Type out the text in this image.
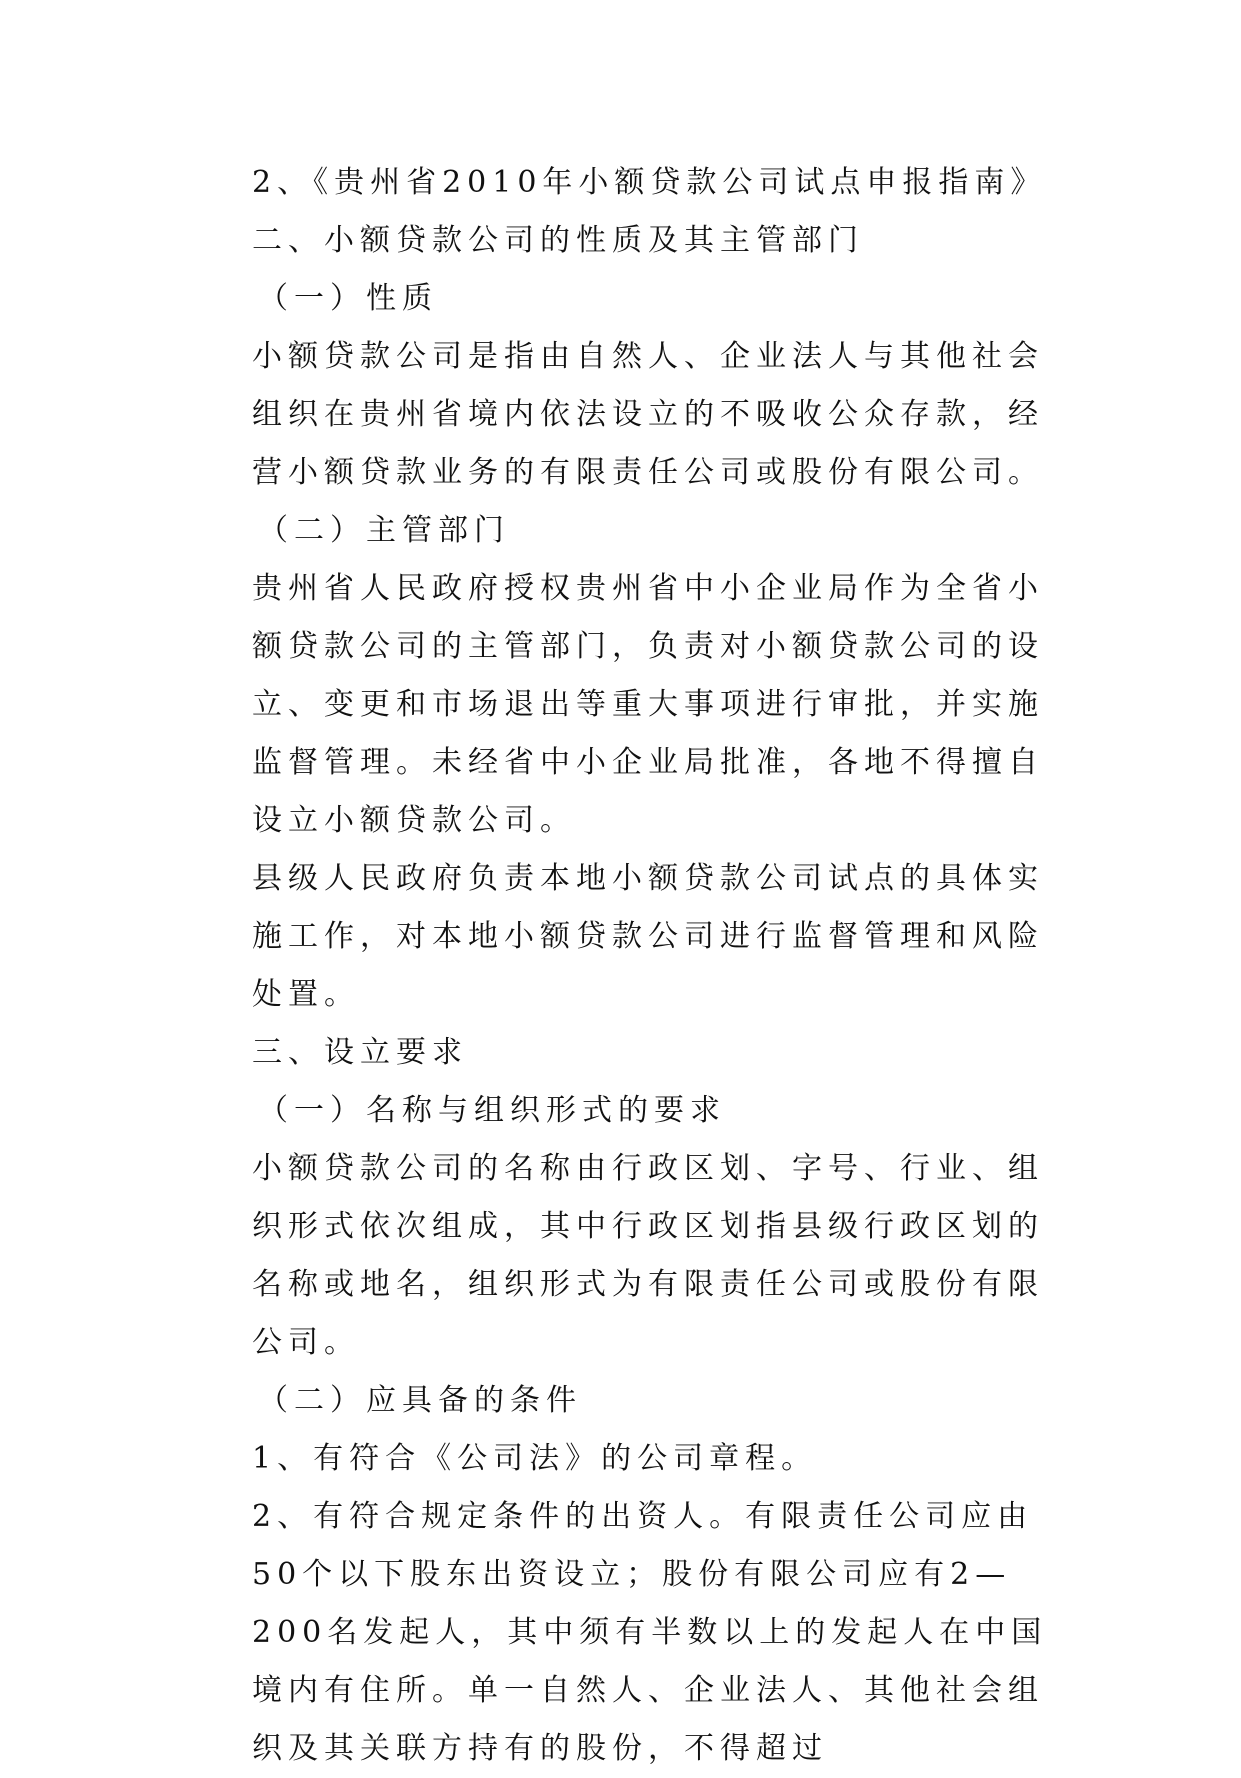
2、《贵州省2010年小额贷款公司试点申报指南》

二、小额贷款公司的性质及其主管部门

（一）性质

小额贷款公司是指由自然人、企业法人与其他社会组织在贵州省境内依法设立的不吸收公众存款，经营小额贷款业务的有限责任公司或股份有限公司。

（二）主管部门

贵州省人民政府授权贵州省中小企业局作为全省小额贷款公司的主管部门，负责对小额贷款公司的设立、变更和市场退出等重大事项进行审批，并实施监督管理。未经省中小企业局批准，各地不得擅自设立小额贷款公司。

县级人民政府负责本地小额贷款公司试点的具体实施工作，对本地小额贷款公司进行监督管理和风险处置。

三、设立要求

（一）名称与组织形式的要求

小额贷款公司的名称由行政区划、字号、行业、组织形式依次组成，其中行政区划指县级行政区划的名称或地名，组织形式为有限责任公司或股份有限公司。

（二）应具备的条件

1、有符合《公司法》的公司章程。

2、有符合规定条件的出资人。有限责任公司应由50个以下股东出资设立；股份有限公司应有2—200名发起人，其中须有半数以上的发起人在中国境内有住所。单一自然人、企业法人、其他社会组织及其关联方持有的股份，不得超过
